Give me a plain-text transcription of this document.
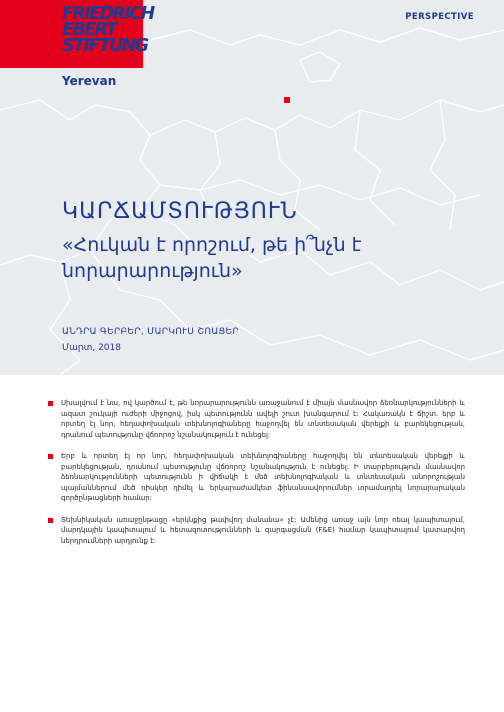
FRIEDRICH
EBERT
STIFTUNG
Yerevan
PERSPECTIVE
ԿԱՐՃԱՄՏՈՒԹՅՈՒՆ
«Հուկան է որոշում, թե ի՞նչն է նորարարություն»
ԱՆԴՐԱ ԳԵՐԲԵՐ, ՄԱՐԿՈՒՍ ՇՈԱՑԵՐ
Մարտ, 2018
Սխալվում է նա, ով կարծում է, թե նորարարությունն առաջանում է միայն մասնավոր ձեռնարկությունների և ազատ շուկայի ուժերի միջոցով, իսկ պետությունն ավելի շուտ խանգարում է: Հակառակն է ճիշտ. երբ և որտեղ էլ նոր, հեղափոխական տեխնոլոգիաները հաջողվել են տնտեսական վերելքի և բարեկեցության, դրանում պետությունը վճռորոշ նշանակություն է ունեցել:
Երբ և որտեղ էլ որ նոր, հեղափոխական տեխնոլոգիաները հաջողվել են տնտեսական վերելքի և բարեկեցության, դրանում պետությունը վճռորոշ նշանակություն է ունեցել: Ի տարբերություն մասնավոր ձեռնարկությունների պետությունն ի վիճակի է մեծ տեխնոլոգիական և տնտեսական անորոշության պայմաններում մեծ ռիսկեր դիմել և երկարաժամկետ ֆինանսավորումներ տրամադրել նորարարական գործընթացների համար:
Տեխնիկական առաջընթացը «երկնքից թափվող մանանա» չէ: Ամենից առաջ այն նոր ոեալ կապիտալում, մարդկային կապիտալում և հետազոտությունների և զարգացման (F&E) համար կապիտալում կատարվող ներդրումների արդյունք է:
